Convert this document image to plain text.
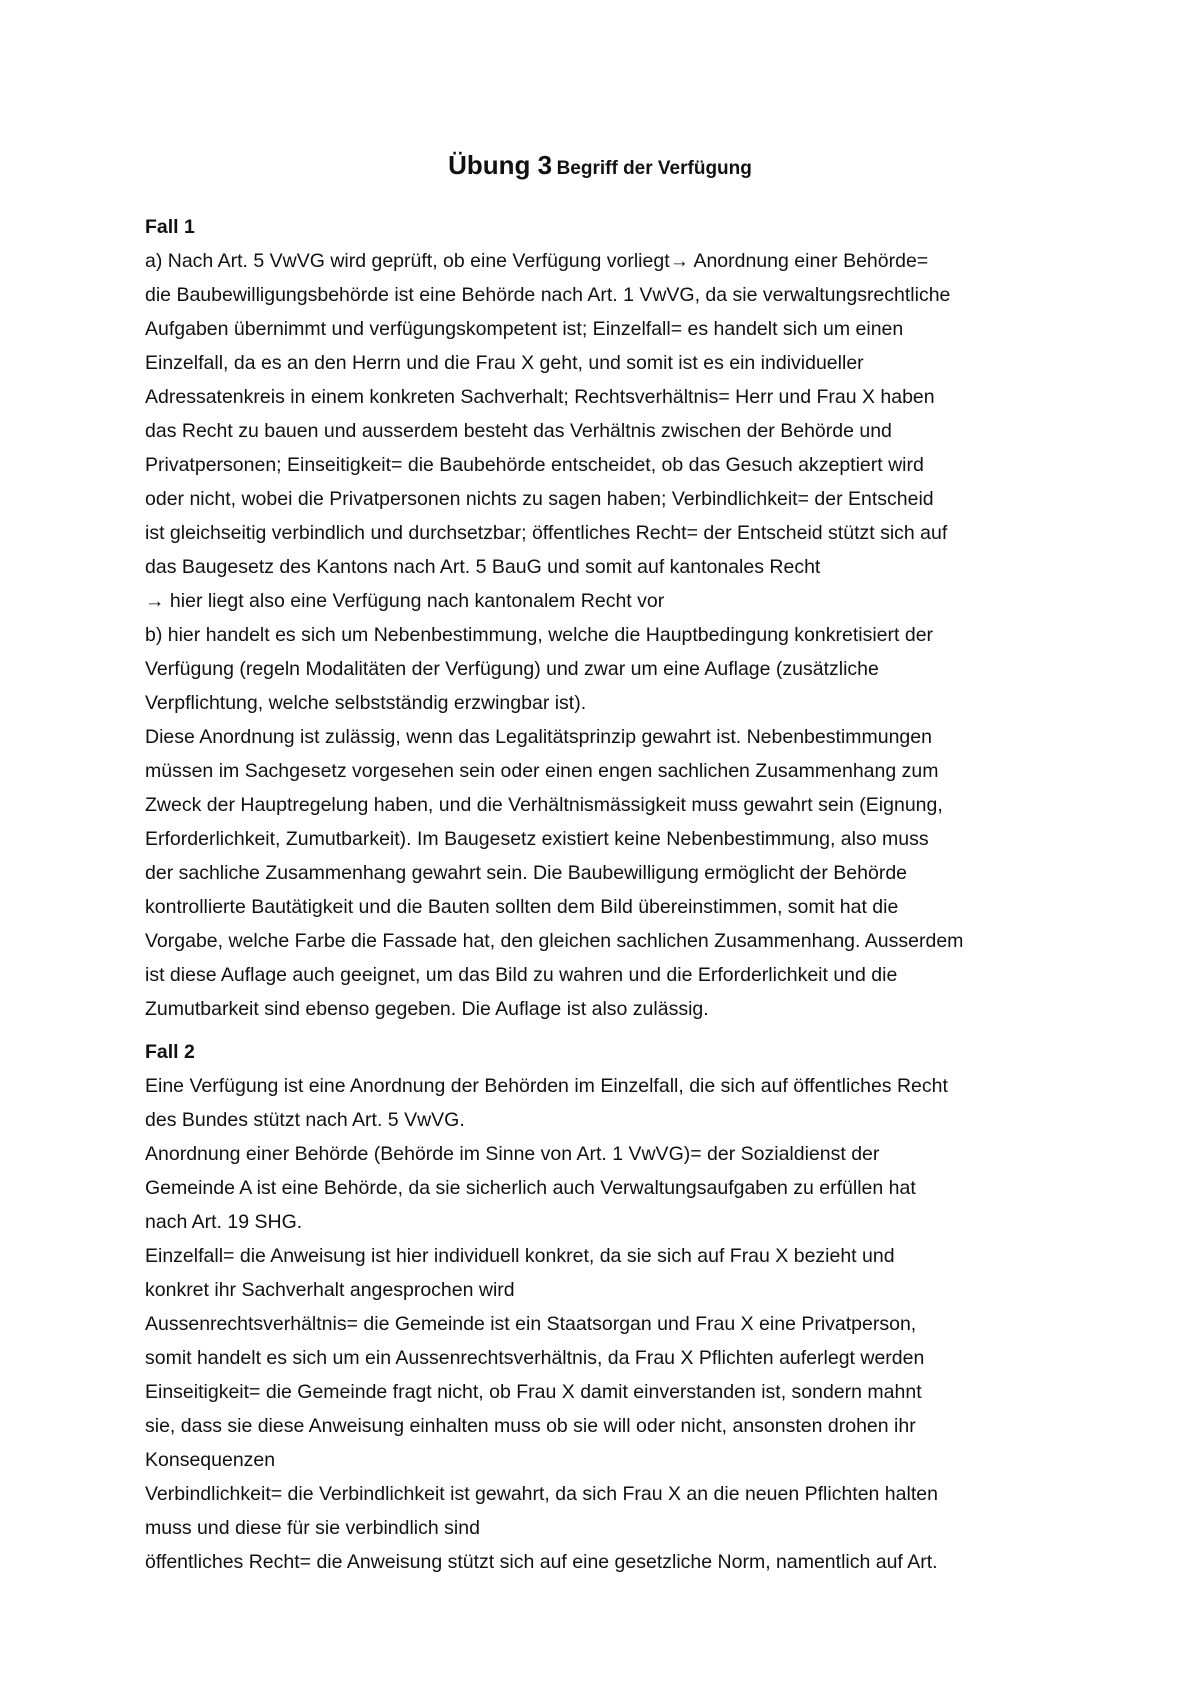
Übung 3 Begriff der Verfügung
Fall 1
a) Nach Art. 5 VwVG wird geprüft, ob eine Verfügung vorliegt→ Anordnung einer Behörde=
die Baubewilligungsbehörde ist eine Behörde nach Art. 1 VwVG, da sie verwaltungsrechtliche
Aufgaben übernimmt und verfügungskompetent ist; Einzelfall= es handelt sich um einen
Einzelfall, da es an den Herrn und die Frau X geht, und somit ist es ein individueller
Adressatenkreis in einem konkreten Sachverhalt; Rechtsverhältnis= Herr und Frau X haben
das Recht zu bauen und ausserdem besteht das Verhältnis zwischen der Behörde und
Privatpersonen; Einseitigkeit= die Baubehörde entscheidet, ob das Gesuch akzeptiert wird
oder nicht, wobei die Privatpersonen nichts zu sagen haben; Verbindlichkeit= der Entscheid
ist gleichseitig verbindlich und durchsetzbar; öffentliches Recht= der Entscheid stützt sich auf
das Baugesetz des Kantons nach Art. 5 BauG und somit auf kantonales Recht
→ hier liegt also eine Verfügung nach kantonalem Recht vor
b) hier handelt es sich um Nebenbestimmung, welche die Hauptbedingung konkretisiert der
Verfügung (regeln Modalitäten der Verfügung) und zwar um eine Auflage (zusätzliche
Verpflichtung, welche selbstständig erzwingbar ist).
Diese Anordnung ist zulässig, wenn das Legalitätsprinzip gewahrt ist. Nebenbestimmungen
müssen im Sachgesetz vorgesehen sein oder einen engen sachlichen Zusammenhang zum
Zweck der Hauptregelung haben, und die Verhältnismässigkeit muss gewahrt sein (Eignung,
Erforderlichkeit, Zumutbarkeit). Im Baugesetz existiert keine Nebenbestimmung, also muss
der sachliche Zusammenhang gewahrt sein. Die Baubewilligung ermöglicht der Behörde
kontrollierte Bautätigkeit und die Bauten sollten dem Bild übereinstimmen, somit hat die
Vorgabe, welche Farbe die Fassade hat, den gleichen sachlichen Zusammenhang. Ausserdem
ist diese Auflage auch geeignet, um das Bild zu wahren und die Erforderlichkeit und die
Zumutbarkeit sind ebenso gegeben. Die Auflage ist also zulässig.
Fall 2
Eine Verfügung ist eine Anordnung der Behörden im Einzelfall, die sich auf öffentliches Recht
des Bundes stützt nach Art. 5 VwVG.
Anordnung einer Behörde (Behörde im Sinne von Art. 1 VwVG)= der Sozialdienst der
Gemeinde A ist eine Behörde, da sie sicherlich auch Verwaltungsaufgaben zu erfüllen hat
nach Art. 19 SHG.
Einzelfall= die Anweisung ist hier individuell konkret, da sie sich auf Frau X bezieht und
konkret ihr Sachverhalt angesprochen wird
Aussenrechtsverhältnis= die Gemeinde ist ein Staatsorgan und Frau X eine Privatperson,
somit handelt es sich um ein Aussenrechtsverhältnis, da Frau X Pflichten auferlegt werden
Einseitigkeit= die Gemeinde fragt nicht, ob Frau X damit einverstanden ist, sondern mahnt
sie, dass sie diese Anweisung einhalten muss ob sie will oder nicht, ansonsten drohen ihr
Konsequenzen
Verbindlichkeit= die Verbindlichkeit ist gewahrt, da sich Frau X an die neuen Pflichten halten
muss und diese für sie verbindlich sind
öffentliches Recht= die Anweisung stützt sich auf eine gesetzliche Norm, namentlich auf Art.
